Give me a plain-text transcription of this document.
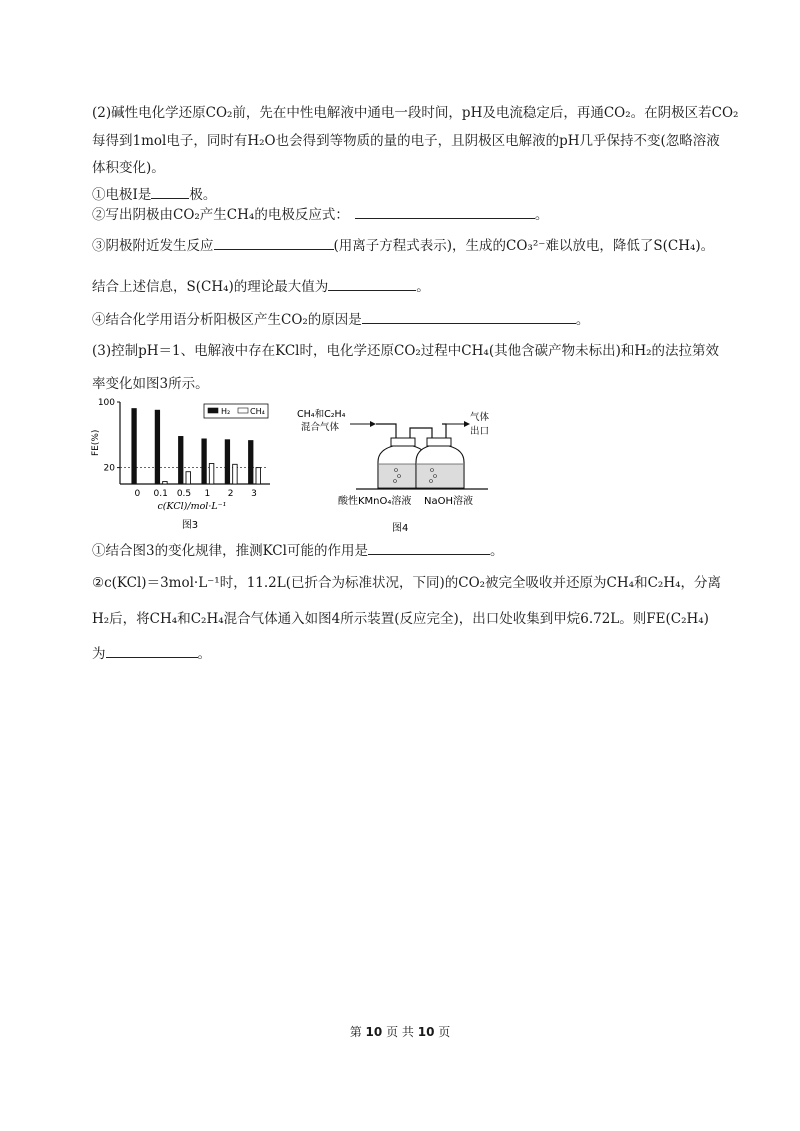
(2)碱性电化学还原CO₂前，先在中性电解液中通电一段时间，pH及电流稳定后，再通CO₂。在阴极区若CO₂
每得到1mol电子，同时有H₂O也会得到等物质的量的电子，且阴极区电解液的pH几乎保持不变(忽略溶液
体积变化)。
①电极Ⅰ是	极。
②写出阴极由CO₂产生CH₄的电极反应式：	。
③阴极附近发生反应	(用离子方程式表示)，生成的CO₃²⁻难以放电，降低了S(CH₄)。
结合上述信息，S(CH₄)的理论最大值为	。
④结合化学用语分析阳极区产生CO₂的原因是	。
(3)控制pH＝1、电解液中存在KCl时，电化学还原CO₂过程中CH₄(其他含碳产物未标出)和H₂的法拉第效
率变化如图3所示。
100
20
FE(%)
0 0.1 0.5 1 2 3
c(KCl)/mol·L⁻¹
H₂ CH₄
图3
CH₄和C₂H₄
混合气体
气体
出口
酸性KMnO₄溶液 NaOH溶液
图4
①结合图3的变化规律，推测KCl可能的作用是	。
②c(KCl)＝3mol·L⁻¹时，11.2L(已折合为标准状况，下同)的CO₂被完全吸收并还原为CH₄和C₂H₄，分离
H₂后，将CH₄和C₂H₄混合气体通入如图4所示装置(反应完全)，出口处收集到甲烷6.72L。则FE(C₂H₄)
为	。
第 10 页 共 10 页
